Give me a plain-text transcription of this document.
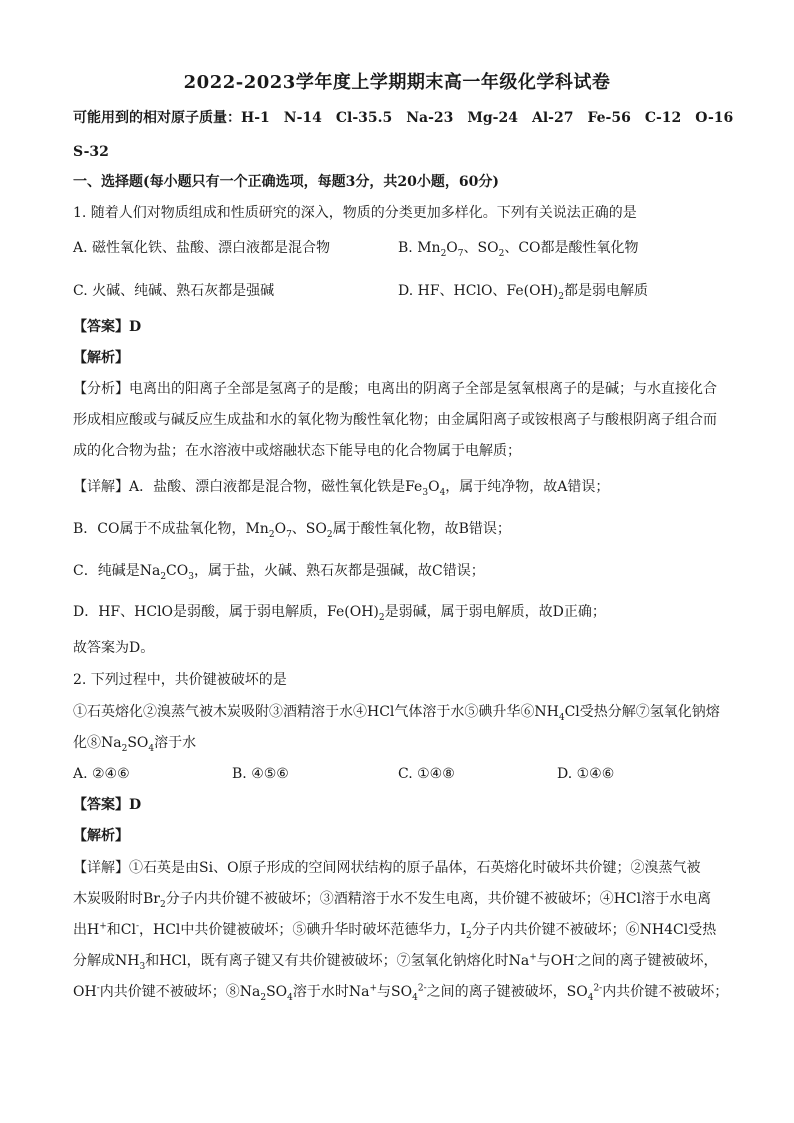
2022-2023学年度上学期期末高一年级化学科试卷
可能用到的相对原子质量：H-1　N-14　Cl-35.5　Na-23　Mg-24　Al-27　Fe-56　C-12　O-16
S-32
一、选择题(每小题只有一个正确选项，每题3分，共20小题，60分)
1. 随着人们对物质组成和性质研究的深入，物质的分类更加多样化。下列有关说法正确的是
A. 磁性氧化铁、盐酸、漂白液都是混合物	B. $Mn_2O_7$、$SO_2$、CO都是酸性氧化物
C. 火碱、纯碱、熟石灰都是强碱	D. HF、HClO、$Fe(OH)_2$都是弱电解质
【答案】D
【解析】
【分析】电离出的阳离子全部是氢离子的是酸；电离出的阴离子全部是氢氧根离子的是碱；与水直接化合
形成相应酸或与碱反应生成盐和水的氧化物为酸性氧化物；由金属阳离子或铵根离子与酸根阴离子组合而
成的化合物为盐；在水溶液中或熔融状态下能导电的化合物属于电解质；
【详解】A．盐酸、漂白液都是混合物，磁性氧化铁是$Fe_3O_4$，属于纯净物，故A错误；
B．CO属于不成盐氧化物，$Mn_2O_7$、$SO_2$属于酸性氧化物，故B错误；
C．纯碱是$Na_2CO_3$，属于盐，火碱、熟石灰都是强碱，故C错误；
D．HF、HClO是弱酸，属于弱电解质，$Fe(OH)_2$是弱碱，属于弱电解质，故D正确；
故答案为D。
2. 下列过程中，共价键被破坏的是
①石英熔化②溴蒸气被木炭吸附③酒精溶于水④HCl气体溶于水⑤碘升华$⑥NH_4Cl$受热分解⑦氢氧化钠熔
化$⑧Na_2SO_4$溶于水
A. ②④⑥	B. ④⑤⑥	C. ①④⑧	D. ①④⑥
【答案】D
【解析】
【详解】①石英是由Si、O原子形成的空间网状结构的原子晶体，石英熔化时破坏共价键；②溴蒸气被
木炭吸附时$Br_2$分子内共价键不被破坏；③酒精溶于水不发生电离，共价键不被破坏；④HCl溶于水电离
出H+和Cl-，HCl中共价键被破坏；⑤碘升华时破坏范德华力，$I_2$分子内共价键不被破坏；⑥NH4Cl受热
分解成$NH_3$和HCl，既有离子键又有共价键被破坏；⑦氢氧化钠熔化时Na+与OH-之间的离子键被破坏，
OH-内共价键不被破坏；$⑧Na_2SO_4$溶于水时Na+与$SO_4^{2-}$之间的离子键被破坏，$SO_4^{2-}$内共价键不被破坏；
